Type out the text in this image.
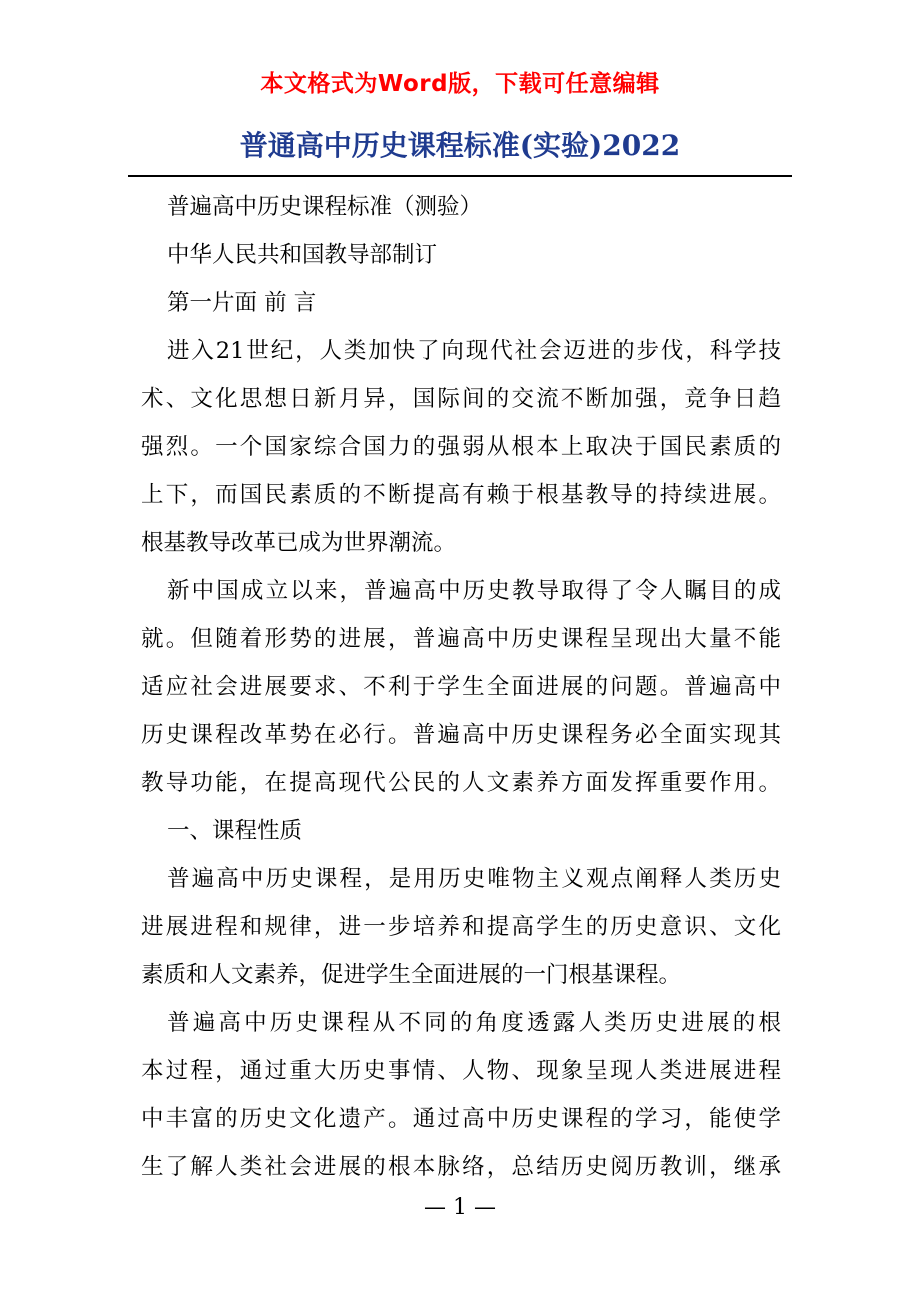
本文格式为Word版，下载可任意编辑
普通高中历史课程标准(实验)2022
普遍高中历史课程标准（测验）
中华人民共和国教导部制订
第一片面 前 言
进入21世纪，人类加快了向现代社会迈进的步伐，科学技
术、文化思想日新月异，国际间的交流不断加强，竞争日趋
强烈。一个国家综合国力的强弱从根本上取决于国民素质的
上下，而国民素质的不断提高有赖于根基教导的持续进展。
根基教导改革已成为世界潮流。
新中国成立以来，普遍高中历史教导取得了令人瞩目的成
就。但随着形势的进展，普遍高中历史课程呈现出大量不能
适应社会进展要求、不利于学生全面进展的问题。普遍高中
历史课程改革势在必行。普遍高中历史课程务必全面实现其
教导功能，在提高现代公民的人文素养方面发挥重要作用。
一、课程性质
普遍高中历史课程，是用历史唯物主义观点阐释人类历史
进展进程和规律，进一步培养和提高学生的历史意识、文化
素质和人文素养，促进学生全面进展的一门根基课程。
普遍高中历史课程从不同的角度透露人类历史进展的根
本过程，通过重大历史事情、人物、现象呈现人类进展进程
中丰富的历史文化遗产。通过高中历史课程的学习，能使学
生了解人类社会进展的根本脉络，总结历史阅历教训，继承
— 1 —
